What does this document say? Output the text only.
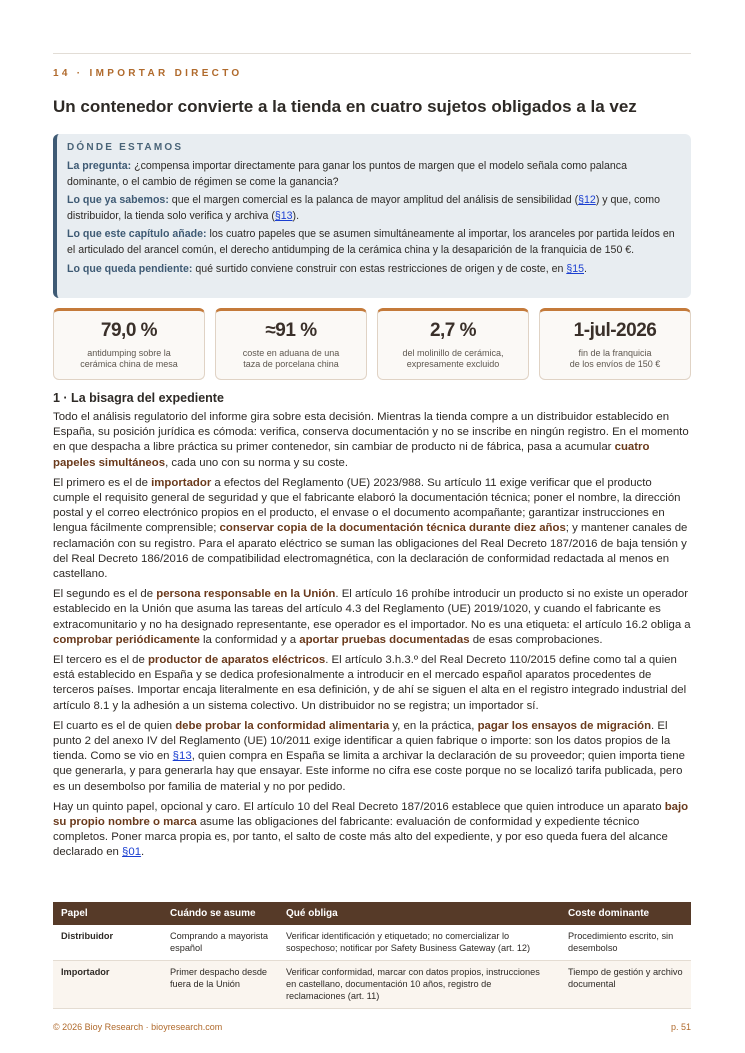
14 · IMPORTAR DIRECTO
Un contenedor convierte a la tienda en cuatro sujetos obligados a la vez
DÓNDE ESTAMOS

La pregunta: ¿compensa importar directamente para ganar los puntos de margen que el modelo señala como palanca dominante, o el cambio de régimen se come la ganancia?

Lo que ya sabemos: que el margen comercial es la palanca de mayor amplitud del análisis de sensibilidad (§12) y que, como distribuidor, la tienda solo verifica y archiva (§13).

Lo que este capítulo añade: los cuatro papeles que se asumen simultáneamente al importar, los aranceles por partida leídos en el articulado del arancel común, el derecho antidumping de la cerámica china y la desaparición de la franquicia de 150 €.

Lo que queda pendiente: qué surtido conviene construir con estas restricciones de origen y de coste, en §15.

79,0 %
antidumping sobre la
cerámica china de mesa
≈91 %
coste en aduana de una
taza de porcelana china
2,7 %
del molinillo de cerámica,
expresamente excluido
1-jul-2026
fin de la franquicia
de los envíos de 150 €
1 · La bisagra del expediente

Todo el análisis regulatorio del informe gira sobre esta decisión. Mientras la tienda compre a un distribuidor establecido en España, su posición jurídica es cómoda: verifica, conserva documentación y no se inscribe en ningún registro. En el momento en que despacha a libre práctica su primer contenedor, sin cambiar de producto ni de fábrica, pasa a acumular cuatro papeles simultáneos, cada uno con su norma y su coste.

El primero es el de importador a efectos del Reglamento (UE) 2023/988. Su artículo 11 exige verificar que el producto cumple el requisito general de seguridad y que el fabricante elaboró la documentación técnica; poner el nombre, la dirección postal y el correo electrónico propios en el producto, el envase o el documento acompañante; garantizar instrucciones en lengua fácilmente comprensible; conservar copia de la documentación técnica durante diez años; y mantener canales de reclamación con su registro. Para el aparato eléctrico se suman las obligaciones del Real Decreto 187/2016 de baja tensión y del Real Decreto 186/2016 de compatibilidad electromagnética, con la declaración de conformidad redactada al menos en castellano.

El segundo es el de persona responsable en la Unión. El artículo 16 prohíbe introducir un producto si no existe un operador establecido en la Unión que asuma las tareas del artículo 4.3 del Reglamento (UE) 2019/1020, y cuando el fabricante es extracomunitario y no ha designado representante, ese operador es el importador. No es una etiqueta: el artículo 16.2 obliga a comprobar periódicamente la conformidad y a aportar pruebas documentadas de esas comprobaciones.

El tercero es el de productor de aparatos eléctricos. El artículo 3.h.3.º del Real Decreto 110/2015 define como tal a quien está establecido en España y se dedica profesionalmente a introducir en el mercado español aparatos procedentes de terceros países. Importar encaja literalmente en esa definición, y de ahí se siguen el alta en el registro integrado industrial del artículo 8.1 y la adhesión a un sistema colectivo. Un distribuidor no se registra; un importador sí.

El cuarto es el de quien debe probar la conformidad alimentaria y, en la práctica, pagar los ensayos de migración. El punto 2 del anexo IV del Reglamento (UE) 10/2011 exige identificar a quien fabrique o importe: son los datos propios de la tienda. Como se vio en §13, quien compra en España se limita a archivar la declaración de su proveedor; quien importa tiene que generarla, y para generarla hay que ensayar. Este informe no cifra ese coste porque no se localizó tarifa publicada, pero es un desembolso por familia de material y no por pedido.

Hay un quinto papel, opcional y caro. El artículo 10 del Real Decreto 187/2016 establece que quien introduce un aparato bajo su propio nombre o marca asume las obligaciones del fabricante: evaluación de conformidad y expediente técnico completos. Poner marca propia es, por tanto, el salto de coste más alto del expediente, y por eso queda fuera del alcance declarado en §01.

Papel	Cuándo se asume	Qué obliga	Coste dominante
Distribuidor	Comprando a mayorista español	Verificar identificación y etiquetado; no comercializar lo sospechoso; notificar por Safety Business Gateway (art. 12)	Procedimiento escrito, sin desembolso
Importador	Primer despacho desde fuera de la Unión	Verificar conformidad, marcar con datos propios, instrucciones en castellano, documentación 10 años, registro de reclamaciones (art. 11)	Tiempo de gestión y archivo documental
© 2026 Bioy Research · bioyresearch.com	p. 51
